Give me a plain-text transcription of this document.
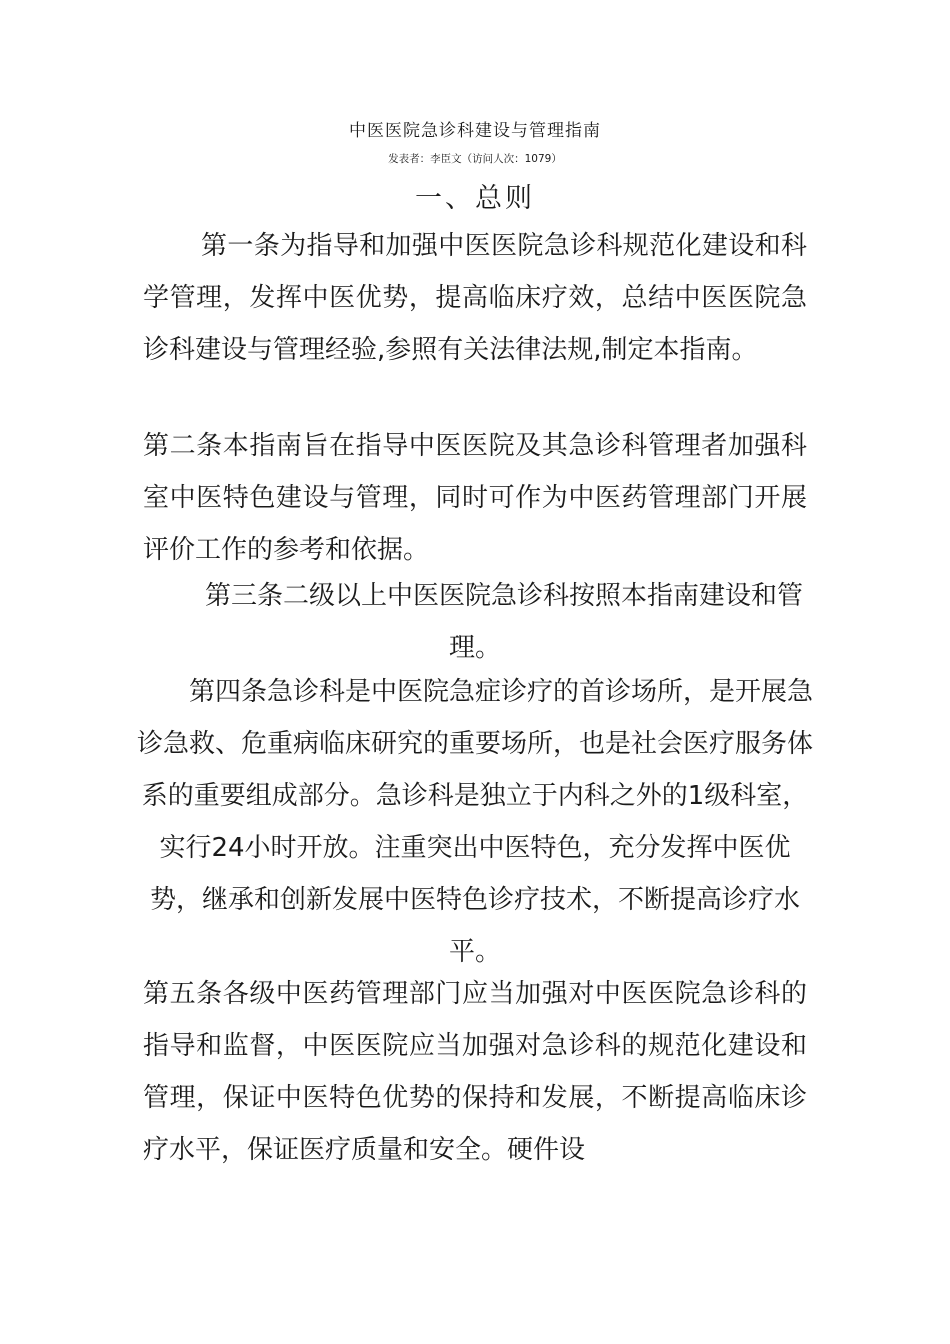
中医医院急诊科建设与管理指南
发表者：李臣文（访问人次：1079）
一、总则

第一条为指导和加强中医医院急诊科规范化建设和科学管理，发挥中医优势，提高临床疗效，总结中医医院急诊科建设与管理经验,参照有关法律法规,制定本指南。

第二条本指南旨在指导中医医院及其急诊科管理者加强科室中医特色建设与管理，同时可作为中医药管理部门开展评价工作的参考和依据。

第三条二级以上中医医院急诊科按照本指南建设和管理。

第四条急诊科是中医院急症诊疗的首诊场所，是开展急诊急救、危重病临床研究的重要场所，也是社会医疗服务体系的重要组成部分。急诊科是独立于内科之外的1级科室，实行24小时开放。注重突出中医特色，充分发挥中医优势，继承和创新发展中医特色诊疗技术，不断提高诊疗水平。

第五条各级中医药管理部门应当加强对中医医院急诊科的指导和监督，中医医院应当加强对急诊科的规范化建设和管理，保证中医特色优势的保持和发展，不断提高临床诊疗水平，保证医疗质量和安全。硬件设
